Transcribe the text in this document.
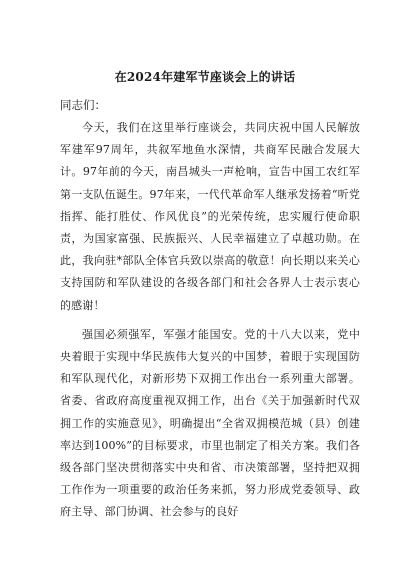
在2024年建军节座谈会上的讲话
同志们：

今天，我们在这里举行座谈会，共同庆祝中国人民解放军建军97周年，共叙军地鱼水深情，共商军民融合发展大计。97年前的今天，南昌城头一声枪响，宣告中国工农红军第一支队伍诞生。97年来，一代代革命军人继承发扬着“听党指挥、能打胜仗、作风优良”的光荣传统，忠实履行使命职责，为国家富强、民族振兴、人民幸福建立了卓越功勋。在此，我向驻*部队全体官兵致以崇高的敬意！向长期以来关心支持国防和军队建设的各级各部门和社会各界人士表示衷心的感谢！

强国必须强军，军强才能国安。党的十八大以来，党中央着眼于实现中华民族伟大复兴的中国梦，着眼于实现国防和军队现代化，对新形势下双拥工作出台一系列重大部署。省委、省政府高度重视双拥工作，出台《关于加强新时代双拥工作的实施意见》，明确提出“全省双拥模范城（县）创建率达到100%”的目标要求，市里也制定了相关方案。我们各级各部门坚决贯彻落实中央和省、市决策部署，坚持把双拥工作作为一项重要的政治任务来抓，努力形成党委领导、政府主导、部门协调、社会参与的良好
